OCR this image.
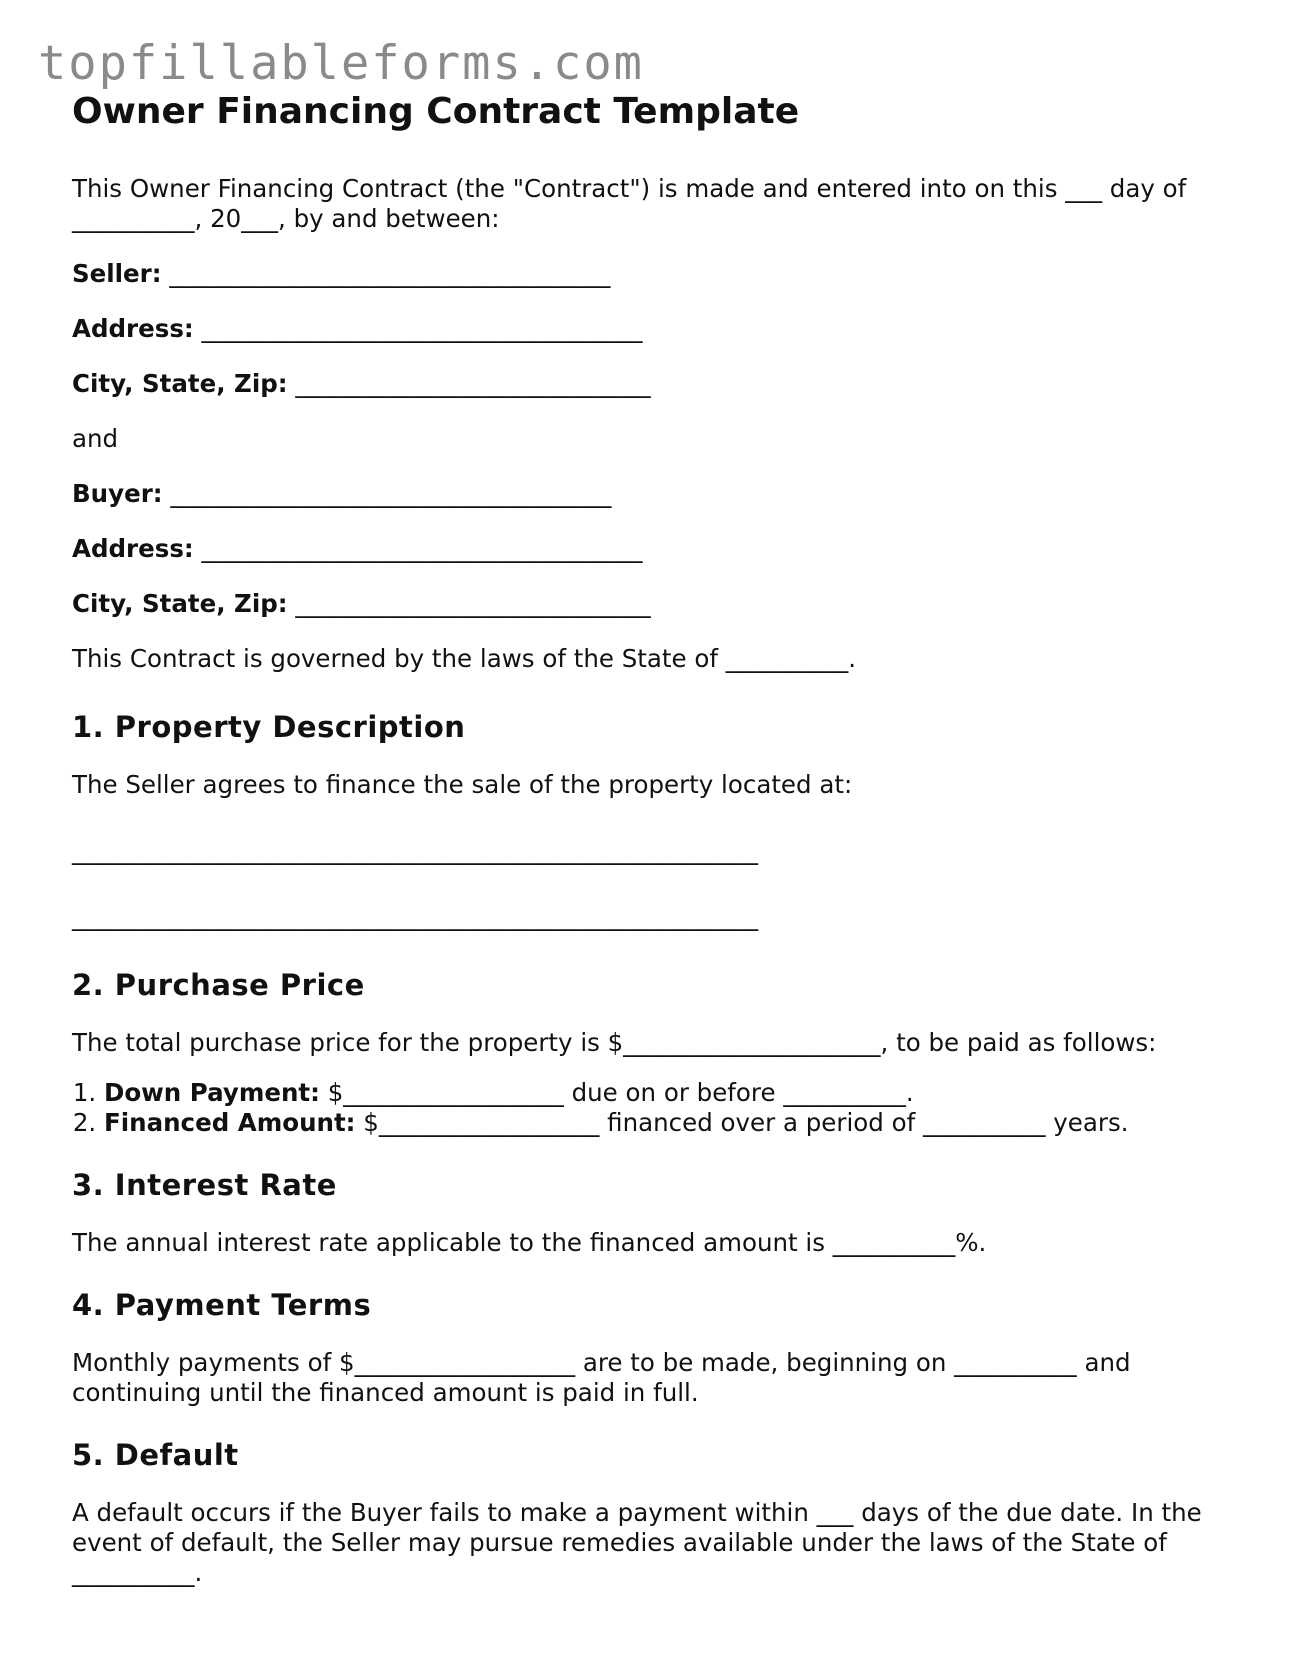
topfillableforms.com
Owner Financing Contract Template

This Owner Financing Contract (the "Contract") is made and entered into on this ___ day of __________, 20___, by and between:

Seller: ____________________________________
Address: ____________________________________
City, State, Zip: _____________________________
and
Buyer: ____________________________________
Address: ____________________________________
City, State, Zip: _____________________________
This Contract is governed by the laws of the State of __________.
1. Property Description

The Seller agrees to finance the sale of the property located at:

________________________________________________________
________________________________________________________
2. Purchase Price

The total purchase price for the property is $_____________________, to be paid as follows:

1. Down Payment: $__________________ due on or before __________.
2. Financed Amount: $__________________ financed over a period of __________ years.
3. Interest Rate

The annual interest rate applicable to the financed amount is __________%.

4. Payment Terms

Monthly payments of $__________________ are to be made, beginning on __________ and continuing until the financed amount is paid in full.

5. Default

A default occurs if the Buyer fails to make a payment within ___ days of the due date. In the event of default, the Seller may pursue remedies available under the laws of the State of __________.
